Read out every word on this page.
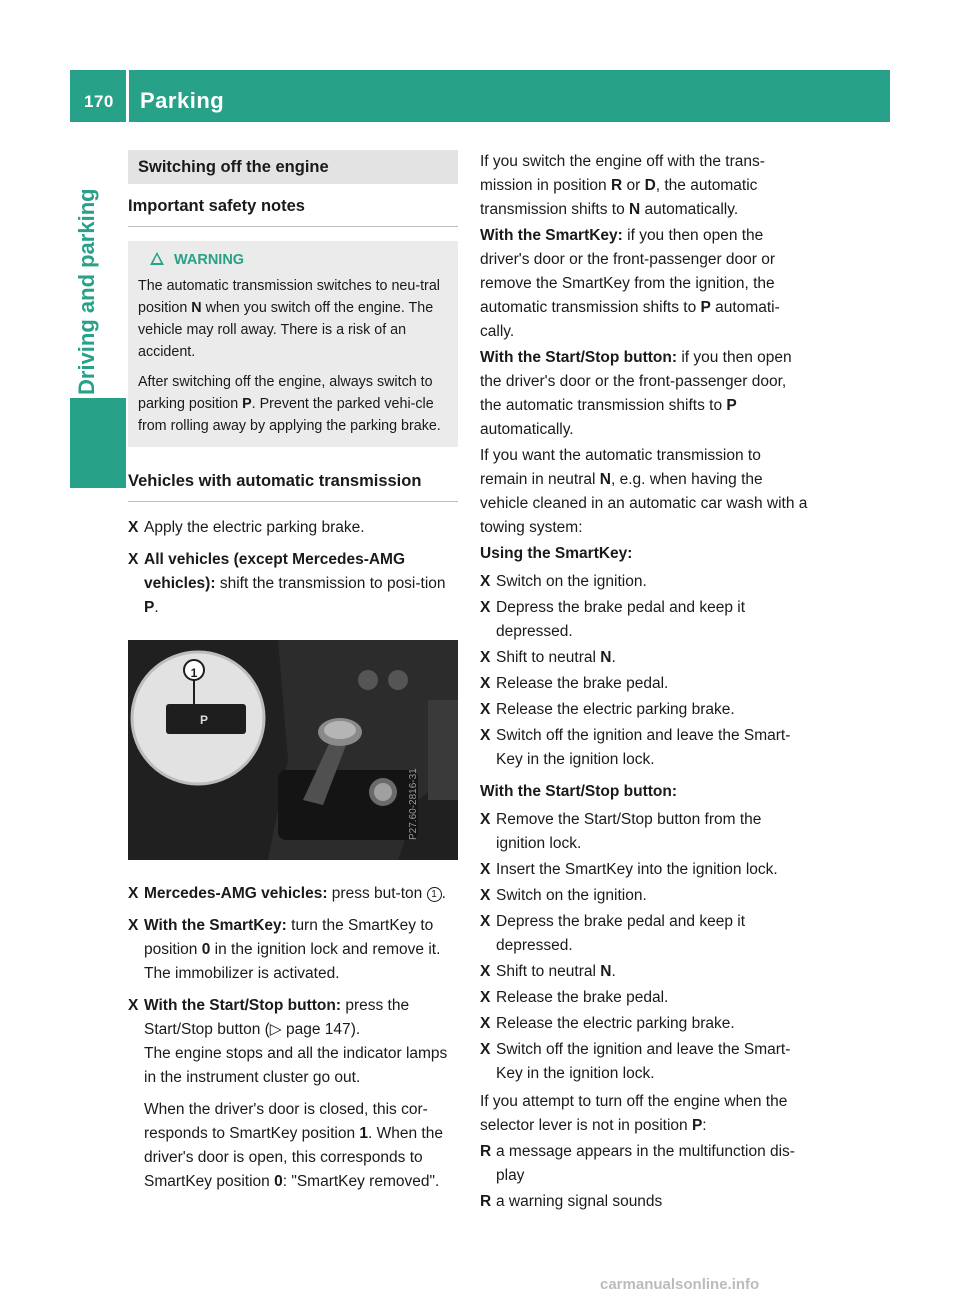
170 Parking
Driving and parking
Switching off the engine
Important safety notes
WARNING

The automatic transmission switches to neu-tral position N when you switch off the engine. The vehicle may roll away. There is a risk of an accident.

After switching off the engine, always switch to parking position P. Prevent the parked vehi-cle from rolling away by applying the parking brake.

Vehicles with automatic transmission
X Apply the electric parking brake.
X All vehicles (except Mercedes-AMG vehicles): shift the transmission to posi-tion P.
1
P
P27.60-2816-31
X Mercedes-AMG vehicles: press but-ton 1 .
X With the SmartKey: turn the SmartKey to position 0 in the ignition lock and remove it. The immobilizer is activated.
X With the Start/Stop button: press the Start/Stop button (▷ page 147).
The engine stops and all the indicator lamps in the instrument cluster go out.
When the driver's door is closed, this cor-responds to SmartKey position 1. When the driver's door is open, this corresponds to SmartKey position 0: "SmartKey removed".

If you switch the engine off with the trans-mission in position R or D, the automatic transmission shifts to N automatically.

With the SmartKey: if you then open the driver's door or the front-passenger door or remove the SmartKey from the ignition, the automatic transmission shifts to P automati-cally.

With the Start/Stop button: if you then open the driver's door or the front-passenger door, the automatic transmission shifts to P automatically.

If you want the automatic transmission to remain in neutral N, e.g. when having the vehicle cleaned in an automatic car wash with a towing system:

Using the SmartKey:

X Switch on the ignition.
X Depress the brake pedal and keep it depressed.
X Shift to neutral N.
X Release the brake pedal.
X Release the electric parking brake.
X Switch off the ignition and leave the Smart-Key in the ignition lock.

With the Start/Stop button:

X Remove the Start/Stop button from the ignition lock.
X Insert the SmartKey into the ignition lock.
X Switch on the ignition.
X Depress the brake pedal and keep it depressed.
X Shift to neutral N.
X Release the brake pedal.
X Release the electric parking brake.
X Switch off the ignition and leave the Smart-Key in the ignition lock.

If you attempt to turn off the engine when the selector lever is not in position P:

R a message appears in the multifunction dis-play
R a warning signal sounds
carmanualsonline.info
